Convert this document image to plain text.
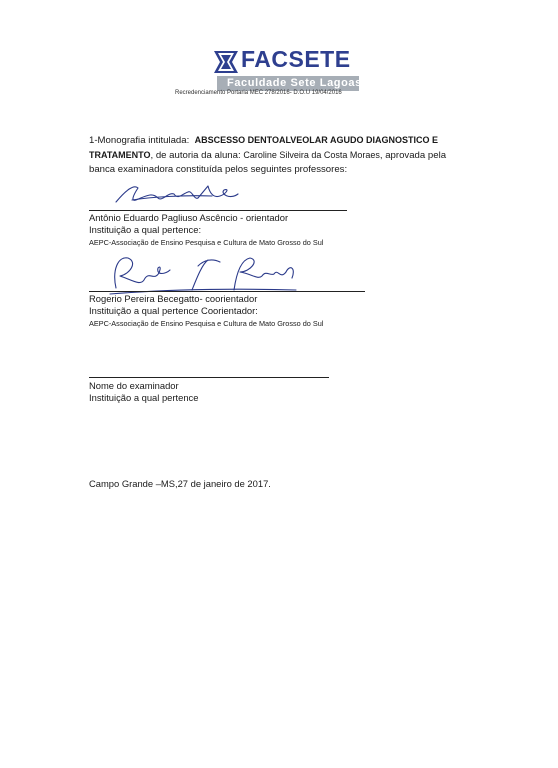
FACSETE
Faculdade Sete Lagoas
Recredenciamento Portaria MEC 278/2016- D.O.U 19/04/2016
1-Monografia intitulada: ABSCESSO DENTOALVEOLAR AGUDO DIAGNOSTICO E TRATAMENTO, de autoria da aluna: Caroline Silveira da Costa Moraes, aprovada pela banca examinadora constituída pelos seguintes professores:
Antônio Eduardo Pagliuso Ascêncio - orientador
Instituição a qual pertence:
AEPC-Associação de Ensino Pesquisa e Cultura de Mato Grosso do Sul
Rogerio Pereira Becegatto- coorientador
Instituição a qual pertence Coorientador:
AEPC-Associação de Ensino Pesquisa e Cultura de Mato Grosso do Sul
Nome do examinador
Instituição a qual pertence
Campo Grande –MS,27 de janeiro de 2017.
